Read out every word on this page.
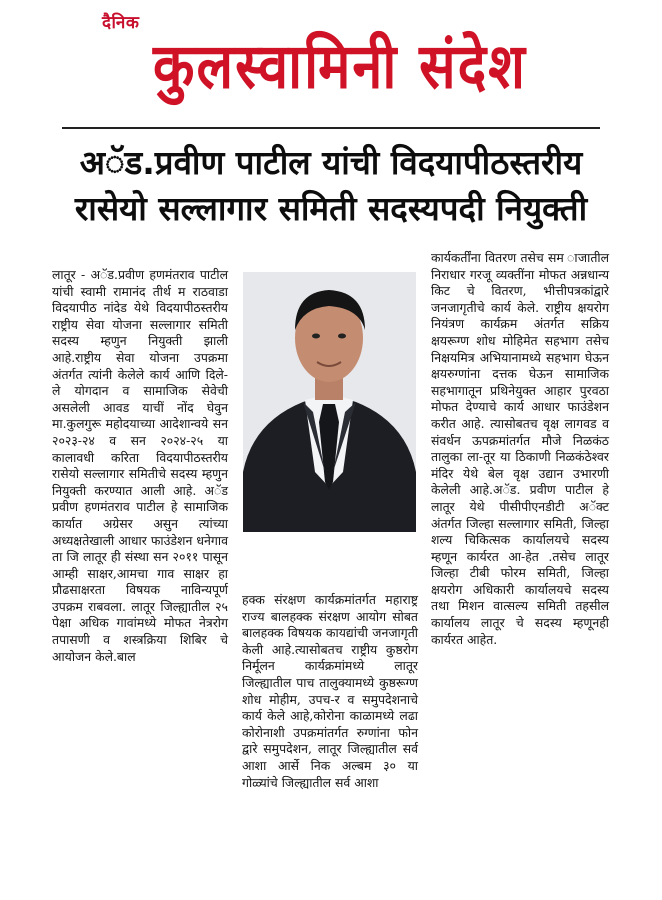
दैनिक
कुलस्वामिनी संदेश
अॅड.प्रवीण पाटील यांची विदयापीठस्तरीय
रासेयो सल्लागार समिती सदस्यपदी नियुक्ती
लातूर - अॅड.प्रवीण हणमंतराव पाटील यांची स्वामी रामानंद तीर्थ म राठवाडा विदयापीठ नांदेड येथे विदयापीठस्तरीय राष्ट्रीय सेवा योजना सल्लागार समिती सदस्य म्हणुन नियुक्ती झाली आहे.राष्ट्रीय सेवा योजना उपक्रमा अंतर्गत त्यांनी केलेले कार्य आणि दिले-ले योगदान व सामाजिक सेवेची असलेली आवड याचीं नोंद घेवुन मा.कुलगुरू महोदयाच्या आदेशान्वये सन २०२३-२४ व सन २०२४-२५ या कालावधी करिता विदयापीठस्तरीय रासेयो सल्लागार समितीचे सदस्य म्हणुन नियुक्ती करण्यात आली आहे. अॅड प्रवीण हणमंतराव पाटील हे सामाजिक कार्यात अग्रेसर असुन त्यांच्या अध्यक्षतेखाली आधार फाउंडेशन धनेगाव ता जि लातूर ही संस्था सन २०११ पासून आम्ही साक्षर,आमचा गाव साक्षर हा प्रौढसाक्षरता विषयक नाविन्यपूर्ण उपक्रम राबवला. लातूर जिल्ह्यातील २५ पेक्षा अधिक गावांमध्ये मोफत नेत्ररोग तपासणी व शस्त्रक्रिया शिबिर चे आयोजन केले.बाल
हक्क संरक्षण कार्यक्रमांतर्गत महाराष्ट्र राज्य बालहक्क संरक्षण आयोग सोबत बालहक्क विषयक कायद्यांची जनजागृती केली आहे.त्यासोबतच राष्ट्रीय कुष्ठरोग निर्मूलन कार्यक्रमांमध्ये लातूर जिल्ह्यातील पाच तालुक्यामध्ये कुष्ठरूग्ण शोध मोहीम, उपच-र व समुपदेशनाचे कार्य केले आहे,कोरोना काळामध्ये लढा कोरोनाशी उपक्रमांतर्गत रुग्णांना फोन द्वारे समुपदेशन, लातूर जिल्ह्यातील सर्व आशा आर्से निक अल्बम ३० या गोळ्यांचे जिल्ह्यातील सर्व आशा
कार्यकर्तींना वितरण तसेच सम ाजातील निराधार गरजू व्यक्तींना मोफत अन्नधान्य किट चे वितरण, भीत्तीपत्रकांद्वारे जनजागृतीचे कार्य केले. राष्ट्रीय क्षयरोग नियंत्रण कार्यक्रम अंतर्गत सक्रिय क्षयरूग्ण शोध मोहिमेत सहभाग तसेच निक्षयमित्र अभियानामध्ये सहभाग घेऊन क्षयरुग्णांना दत्तक घेऊन सामाजिक सहभागातून प्रथिनेयुक्त आहार पुरवठा मोफत देण्याचे कार्य आधार फाउंडेशन करीत आहे. त्यासोबतच वृक्ष लागवड व संवर्धन ऊपक्रमांतर्गत मौजे निळकंठ तालुका ला-तूर या ठिकाणी निळकंठेश्वर मंदिर येथे बेल वृक्ष उद्यान उभारणी केलेली आहे.अॅड. प्रवीण पाटील हे लातूर येथे पीसीपीएनडीटी अॅक्ट अंतर्गत जिल्हा सल्लागार समिती, जिल्हा शल्य चिकित्सक कार्यालयचे सदस्य म्हणून कार्यरत आ-हेत .तसेच लातूर जिल्हा टीबी फोरम समिती, जिल्हा क्षयरोग अधिकारी कार्यालयचे सदस्य तथा मिशन वात्सल्य समिती तहसील कार्यालय लातूर चे सदस्य म्हणूनही कार्यरत आहेत.
